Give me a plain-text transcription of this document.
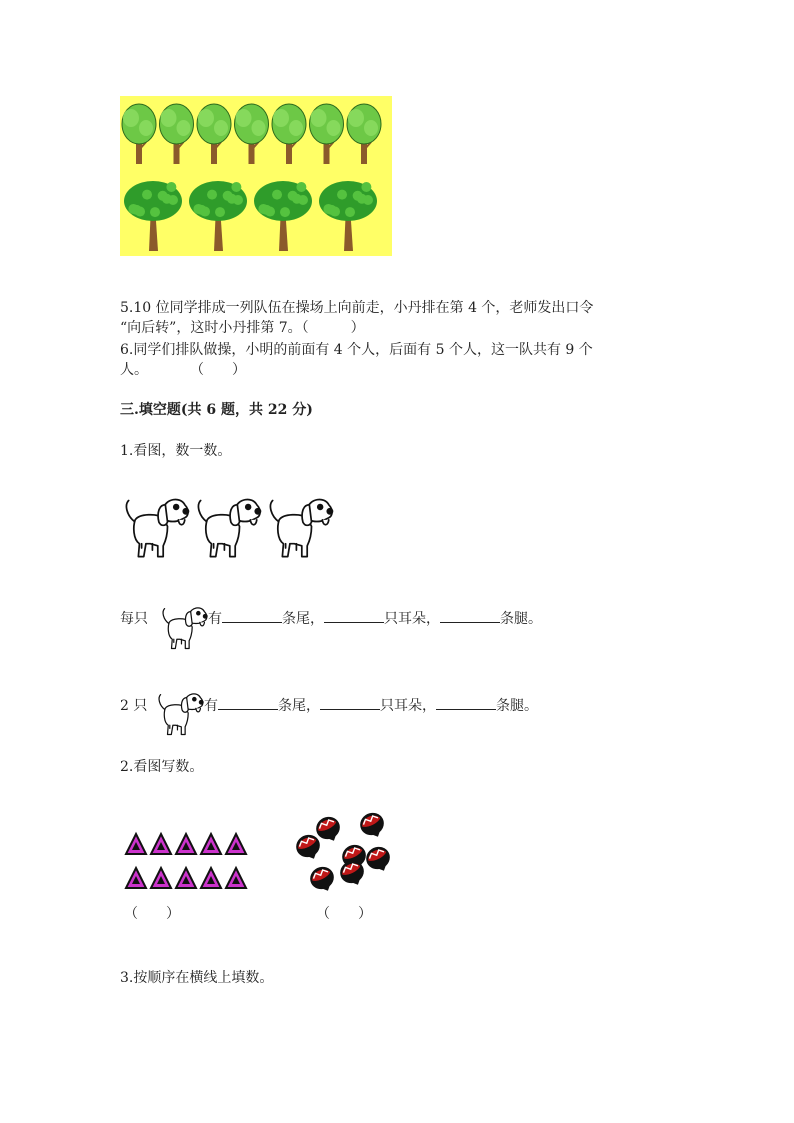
5.10 位同学排成一列队伍在操场上向前走，小丹排在第 4 个，老师发出口令
“向后转”，这时小丹排第 7。（　　　）
6.同学们排队做操，小明的前面有 4 个人，后面有 5 个人，这一队共有 9 个
人。　　　　（　　）
三.填空题(共 6 题，共 22 分)
1.看图，数一数。
每只	有	条尾，	只耳朵，	条腿。
2 只	有	条尾，	只耳朵，	条腿。
2.看图写数。
（　　）	（　　）
3.按顺序在横线上填数。
